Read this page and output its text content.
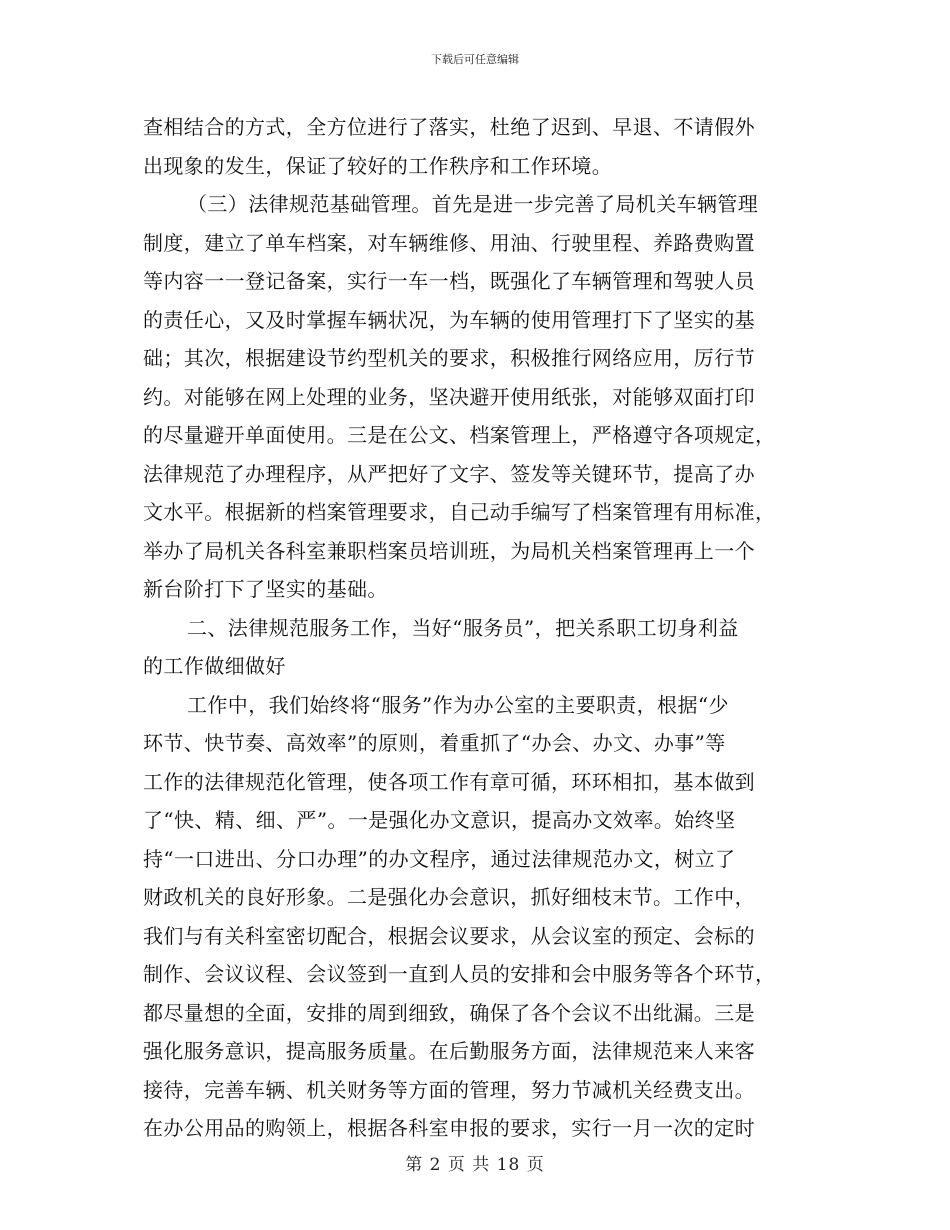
下载后可任意编辑
查相结合的方式，全方位进行了落实，杜绝了迟到、早退、不请假外
出现象的发生，保证了较好的工作秩序和工作环境。
（三）法律规范基础管理。首先是进一步完善了局机关车辆管理
制度，建立了单车档案，对车辆维修、用油、行驶里程、养路费购置
等内容一一登记备案，实行一车一档，既强化了车辆管理和驾驶人员
的责任心，又及时掌握车辆状况，为车辆的使用管理打下了坚实的基
础；其次，根据建设节约型机关的要求，积极推行网络应用，厉行节
约。对能够在网上处理的业务，坚决避开使用纸张，对能够双面打印
的尽量避开单面使用。三是在公文、档案管理上，严格遵守各项规定，
法律规范了办理程序，从严把好了文字、签发等关键环节，提高了办
文水平。根据新的档案管理要求，自己动手编写了档案管理有用标准，
举办了局机关各科室兼职档案员培训班，为局机关档案管理再上一个
新台阶打下了坚实的基础。
二、法律规范服务工作，当好“服务员”，把关系职工切身利益
的工作做细做好
工作中，我们始终将“服务”作为办公室的主要职责，根据“少
环节、快节奏、高效率”的原则，着重抓了“办会、办文、办事”等
工作的法律规范化管理，使各项工作有章可循，环环相扣，基本做到
了“快、精、细、严”。一是强化办文意识，提高办文效率。始终坚
持“一口进出、分口办理”的办文程序，通过法律规范办文，树立了
财政机关的良好形象。二是强化办会意识，抓好细枝末节。工作中，
我们与有关科室密切配合，根据会议要求，从会议室的预定、会标的
制作、会议议程、会议签到一直到人员的安排和会中服务等各个环节，
都尽量想的全面，安排的周到细致，确保了各个会议不出纰漏。三是
强化服务意识，提高服务质量。在后勤服务方面，法律规范来人来客
接待，完善车辆、机关财务等方面的管理，努力节减机关经费支出。
在办公用品的购领上，根据各科室申报的要求，实行一月一次的定时
第 2 页 共 18 页
